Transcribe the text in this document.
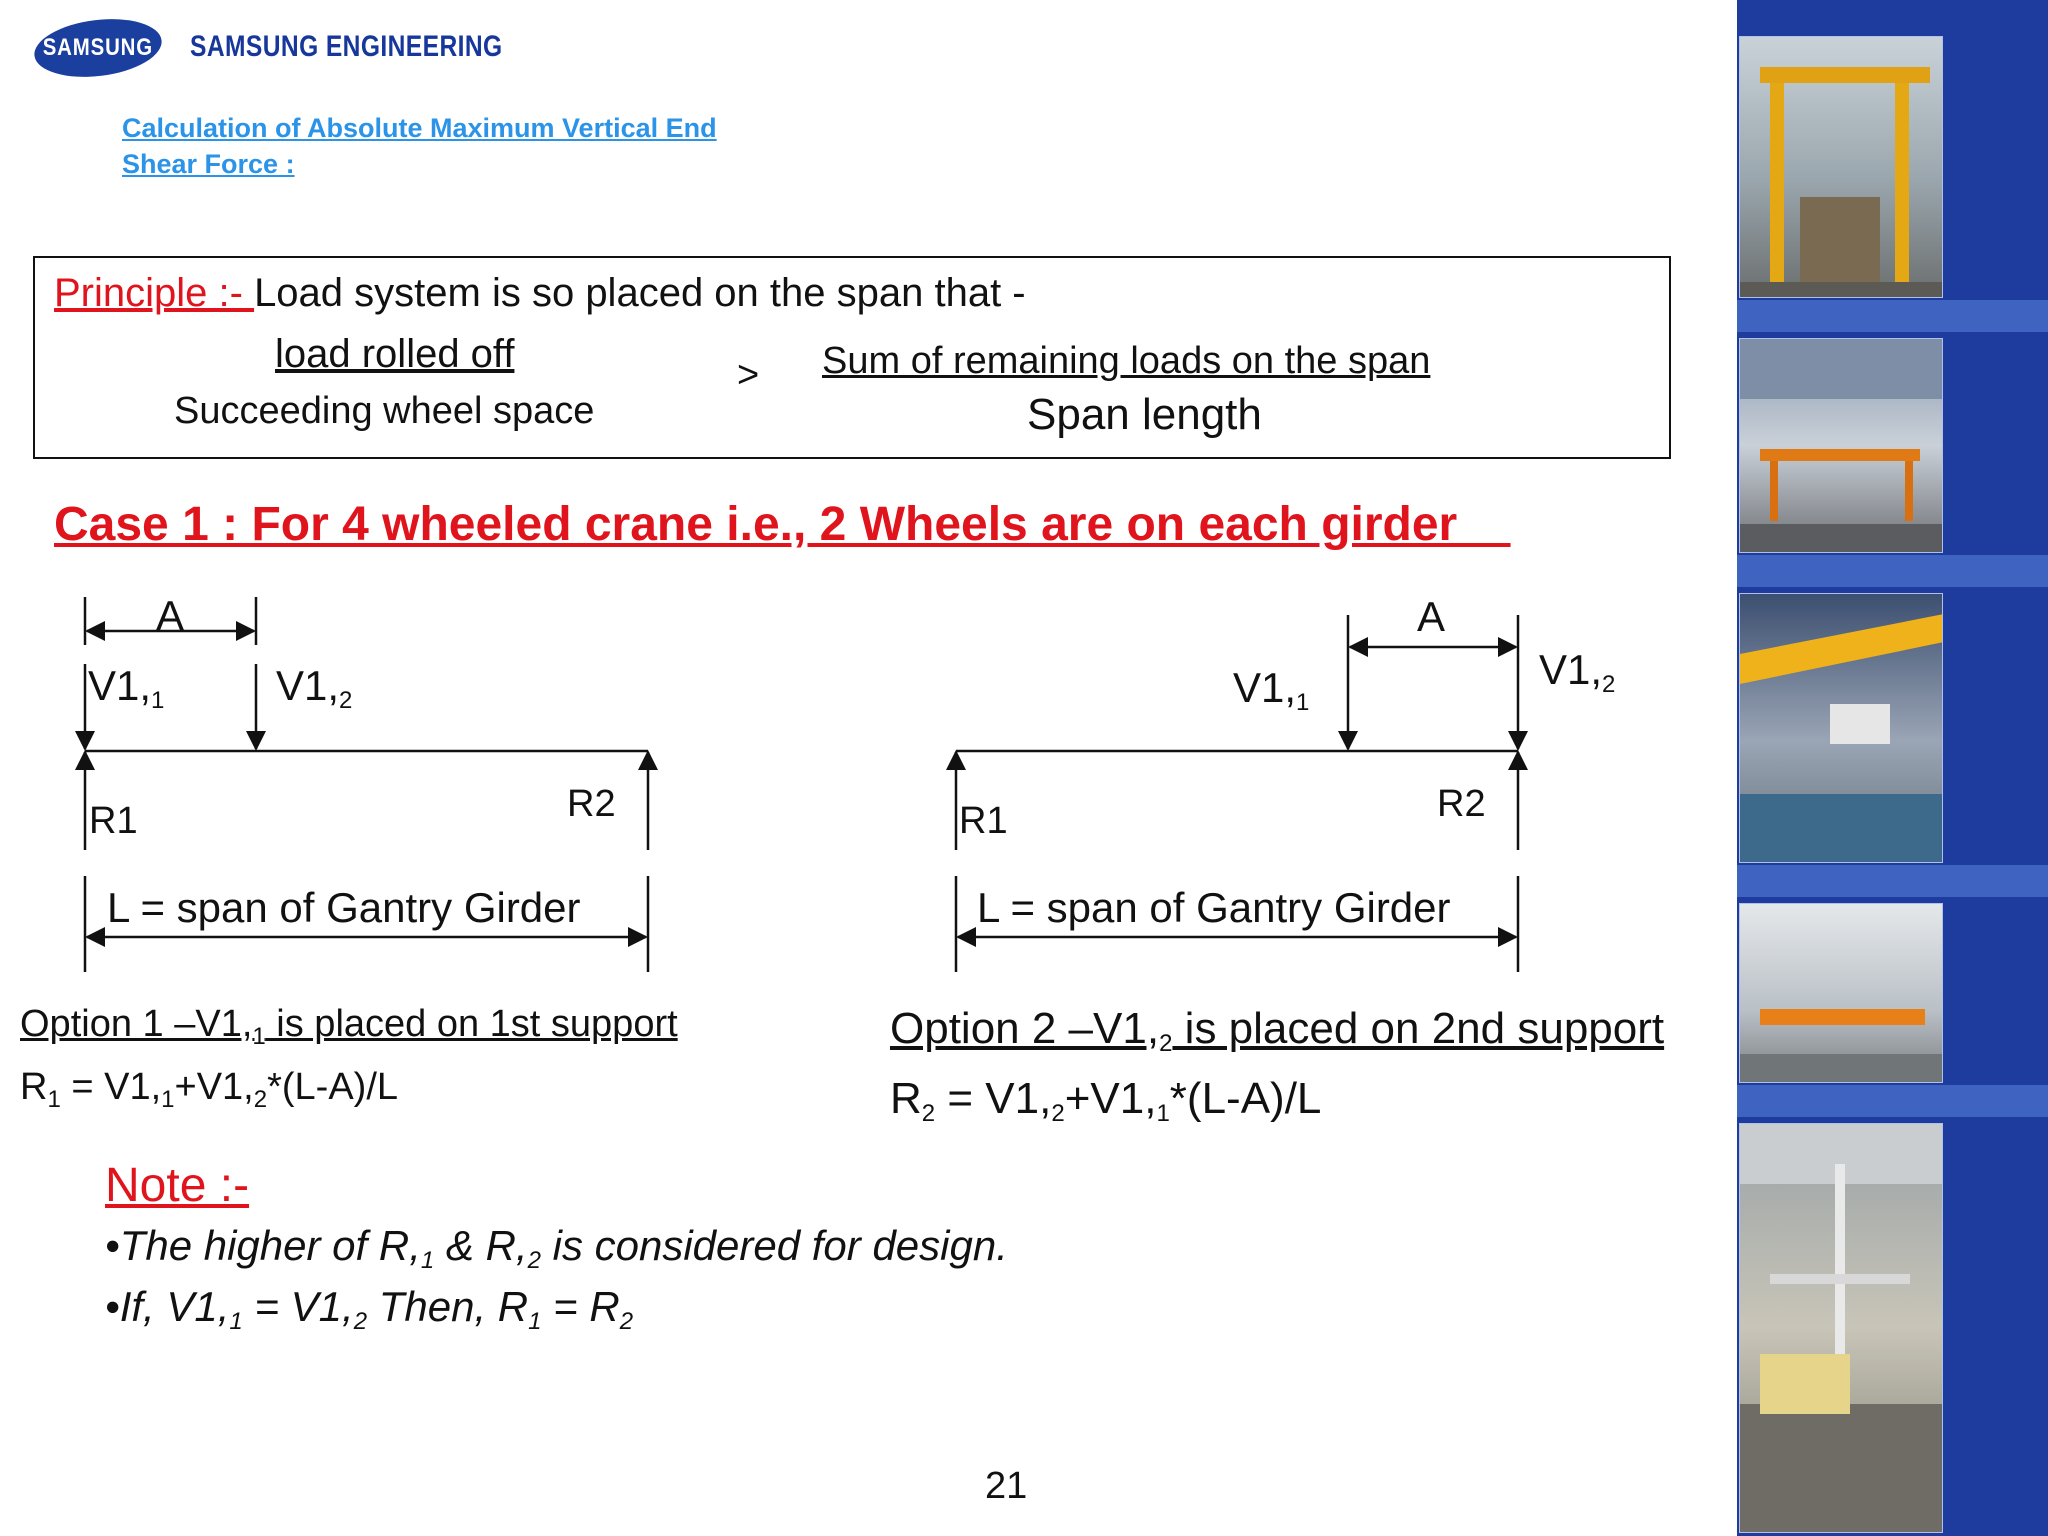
SAMSUNG SAMSUNG ENGINEERING
Calculation of Absolute Maximum Vertical End
Shear Force :
Principle :- Load system is so placed on the span that -
load rolled off
Succeeding wheel space
> Sum of remaining loads on the span
Span length
Case 1 : For 4 wheeled crane i.e., 2 Wheels are on each girder
A
$V1,_1$	$V1,_2$
R1	R2
L = span of Gantry Girder
A
$V1,_1$
$V1,_2$
R1	R2
L = span of Gantry Girder
Option 1 $-V1,_1$ is placed on 1st support
$R_1 = V1,_1+V1,_2*(L-A)/L$
Option 2 $-V1,_2$ is placed on 2nd support
$R_2 = V1,_2+V1,_1*(L-A)/L$
Note :-
•The higher of $R,_1$ & $R,_2$ is considered for design.
•If, $V1,_1 = V1,_2$ Then, $R_1 = R_2$
21
